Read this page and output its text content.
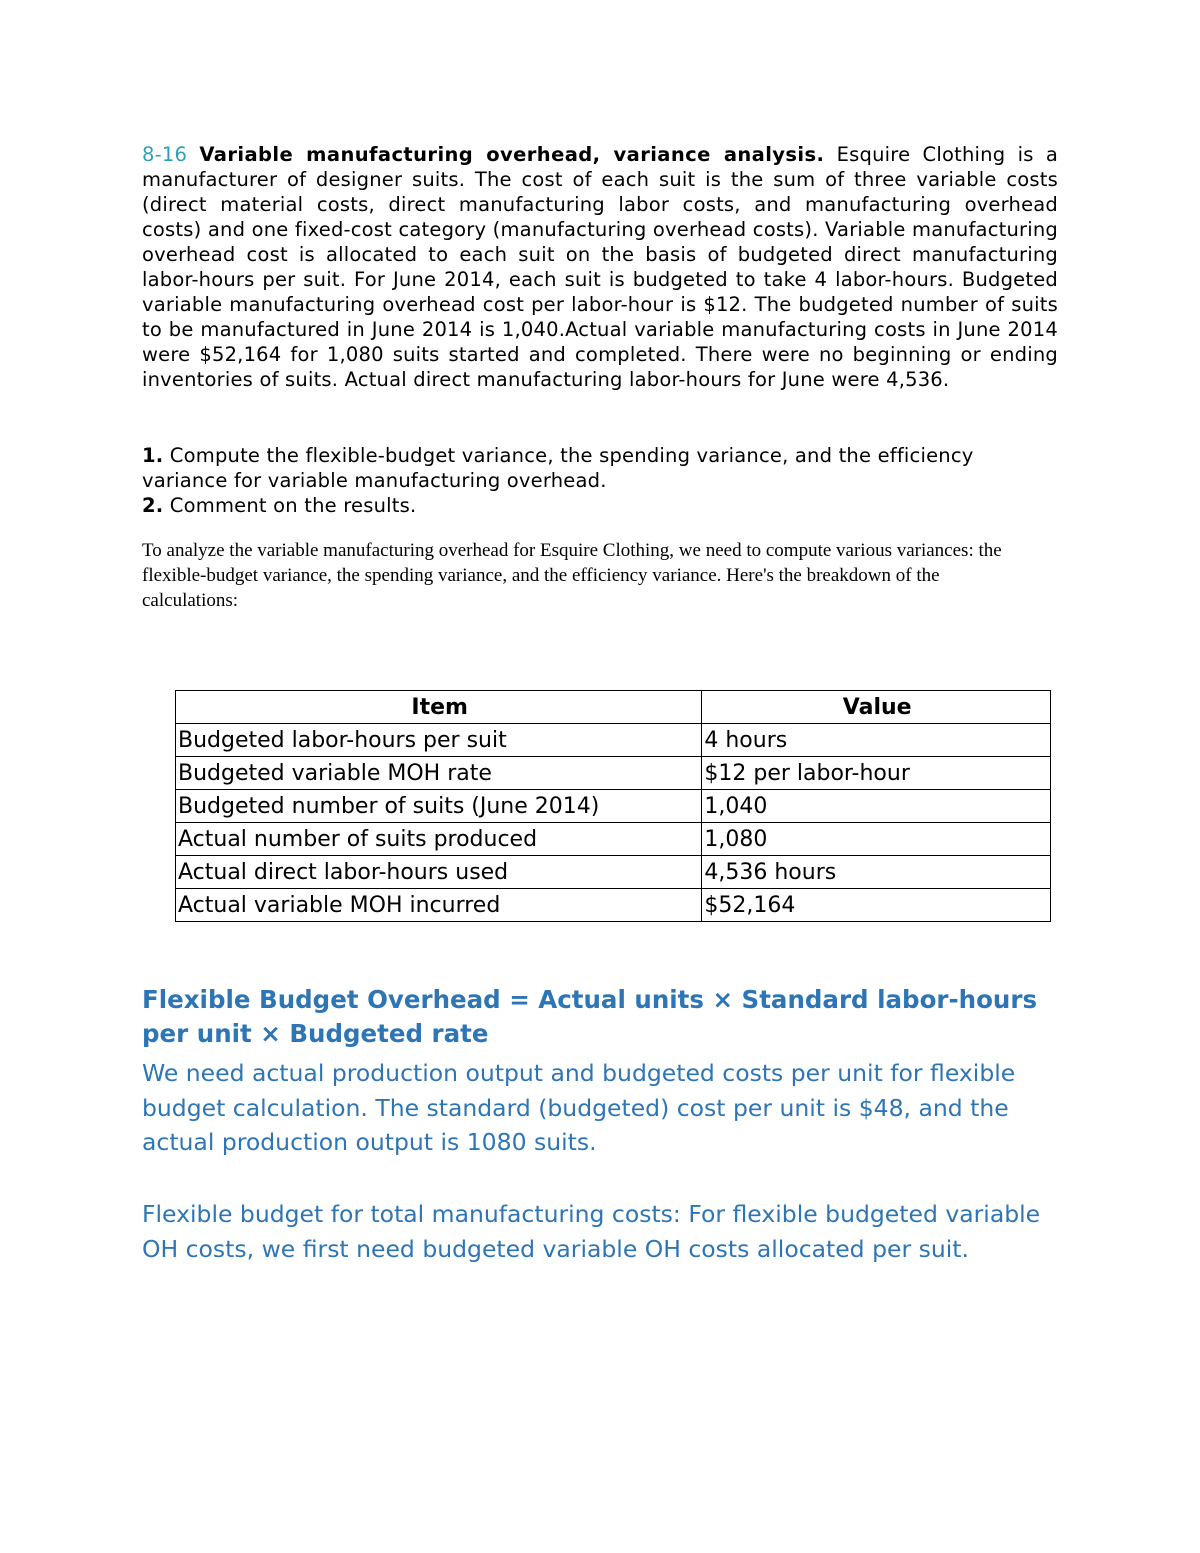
8-16 Variable manufacturing overhead, variance analysis. Esquire Clothing is a manufacturer of designer suits. The cost of each suit is the sum of three variable costs (direct material costs, direct manufacturing labor costs, and manufacturing overhead costs) and one fixed-cost category (manufacturing overhead costs). Variable manufacturing overhead cost is allocated to each suit on the basis of budgeted direct manufacturing labor-hours per suit. For June 2014, each suit is budgeted to take 4 labor-hours. Budgeted variable manufacturing overhead cost per labor-hour is $12. The budgeted number of suits to be manufactured in June 2014 is 1,040.Actual variable manufacturing costs in June 2014 were $52,164 for 1,080 suits started and completed. There were no beginning or ending inventories of suits. Actual direct manufacturing labor-hours for June were 4,536.

1. Compute the flexible-budget variance, the spending variance, and the efficiency variance for variable manufacturing overhead.

2. Comment on the results.

To analyze the variable manufacturing overhead for Esquire Clothing, we need to compute various variances: the flexible-budget variance, the spending variance, and the efficiency variance. Here's the breakdown of the calculations:
Item	Value
Budgeted labor-hours per suit	4 hours
Budgeted variable MOH rate	$12 per labor-hour
Budgeted number of suits (June 2014)	1,040
Actual number of suits produced	1,080
Actual direct labor-hours used	4,536 hours
Actual variable MOH incurred	$52,164
Flexible Budget Overhead = Actual units × Standard labor-hours per unit × Budgeted rate
We need actual production output and budgeted costs per unit for flexible budget calculation. The standard (budgeted) cost per unit is $48, and the actual production output is 1080 suits.
Flexible budget for total manufacturing costs: For flexible budgeted variable OH costs, we first need budgeted variable OH costs allocated per suit.
